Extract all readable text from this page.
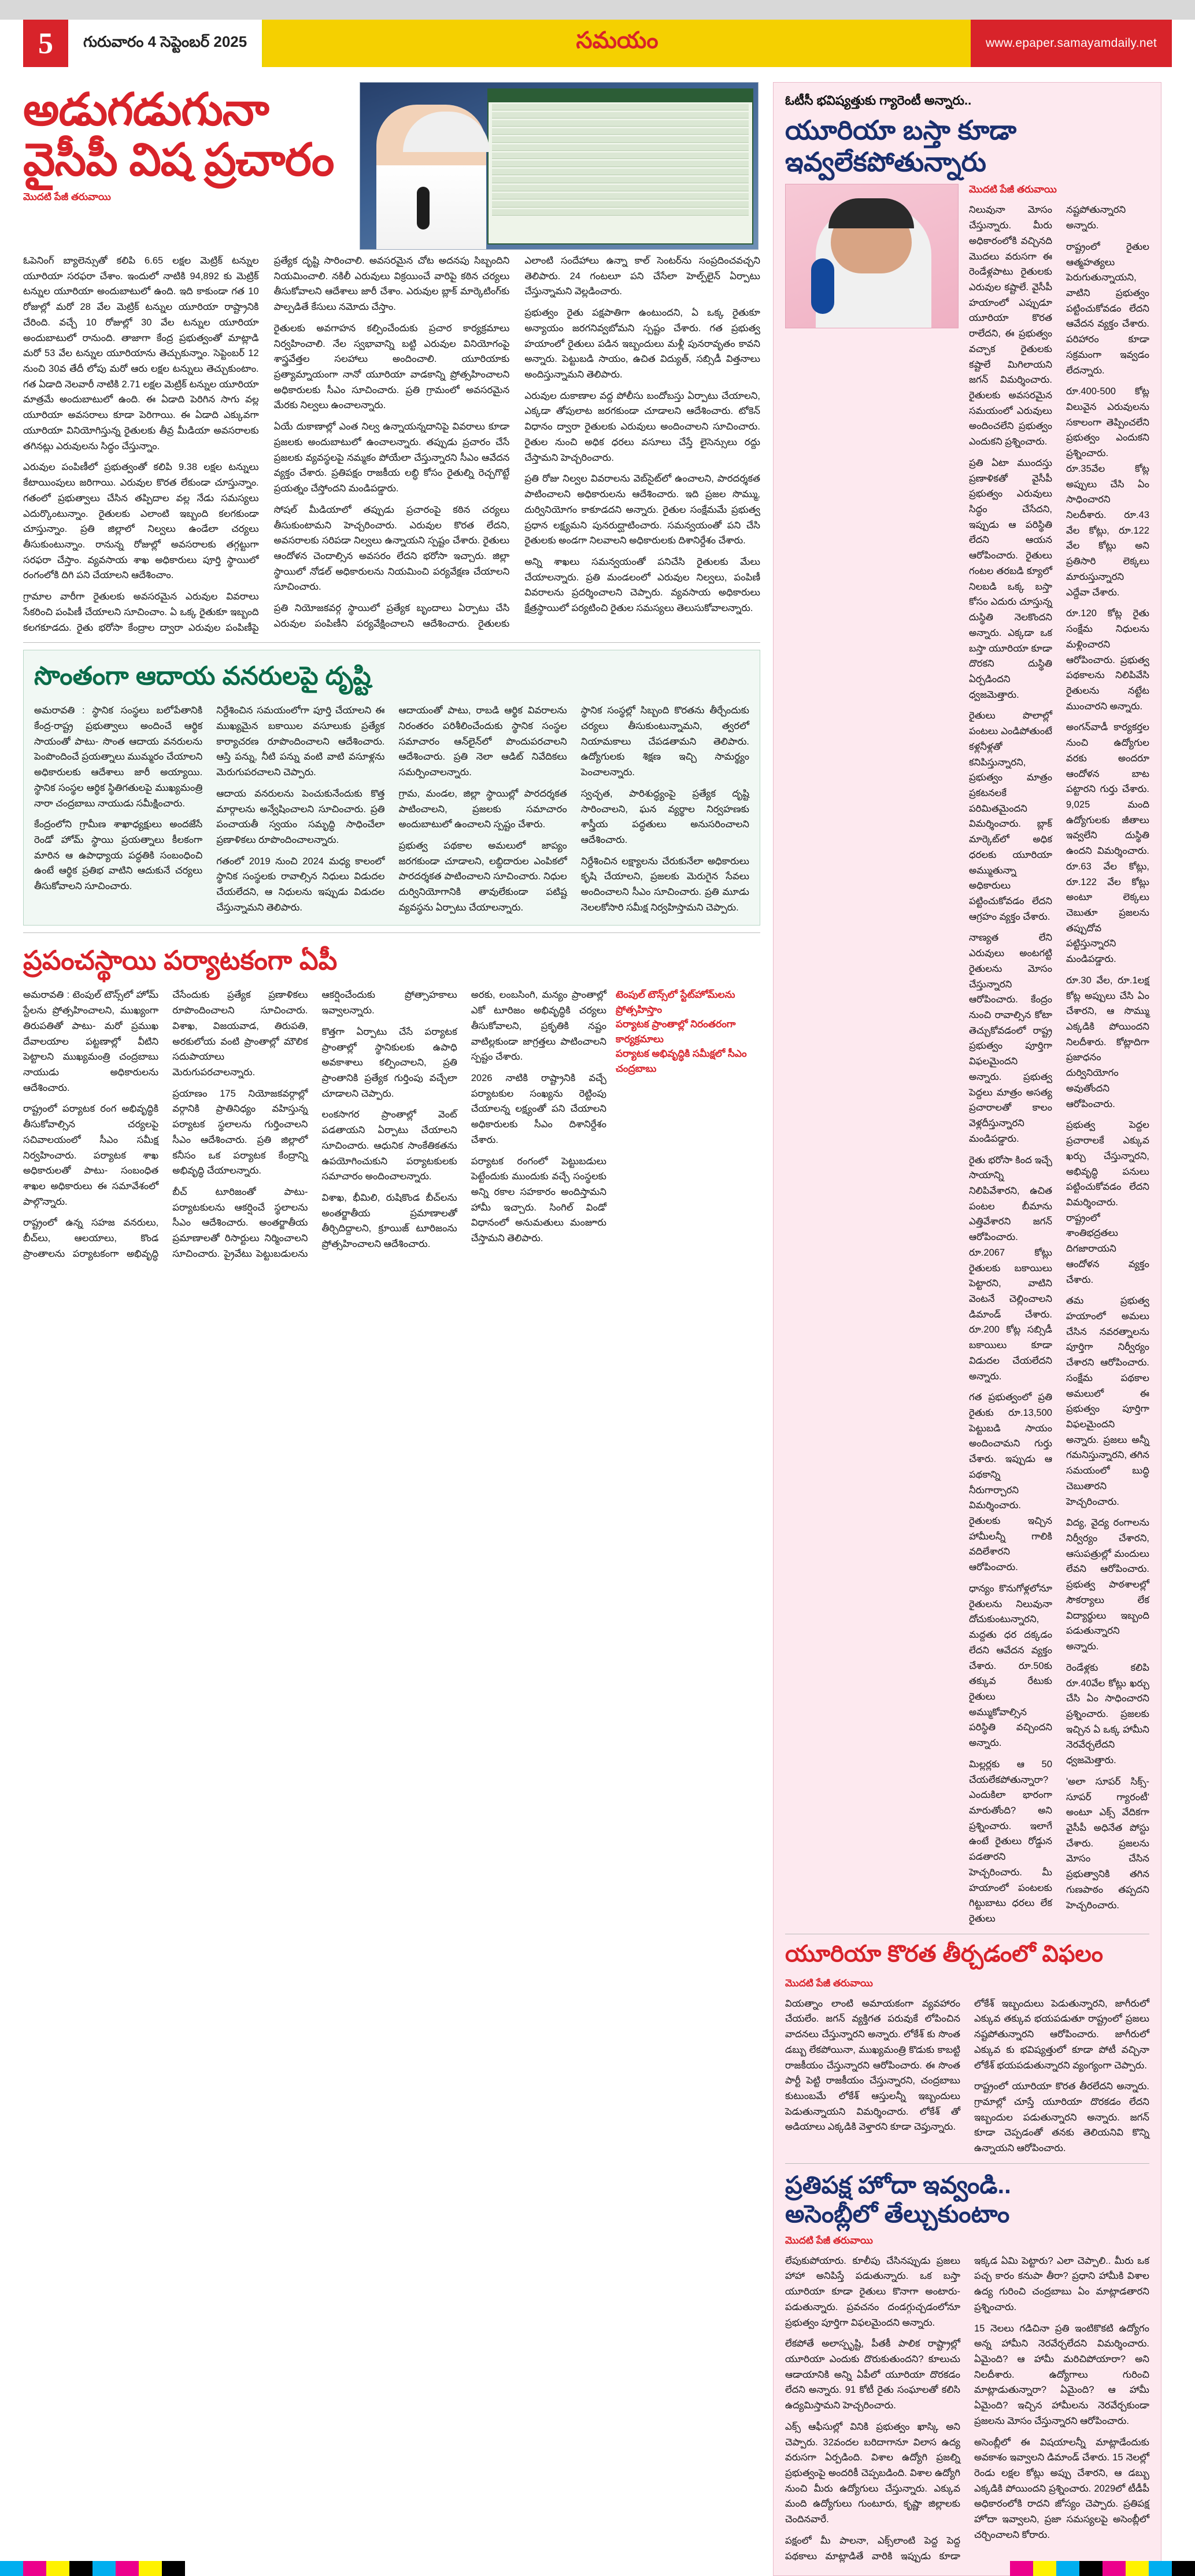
5	గురువారం 4 సెప్టెంబర్ 2025	సమయం	www.epaper.samayamdaily.net
అడుగడుగునా
వైసీపీ విష ప్రచారం
మొదటి పేజీ తరువాయి

ఓపెనింగ్ బ్యాలెన్సుతో కలిపి 6.65 లక్షల మెట్రిక్ టన్నుల యూరియా సరఫరా చేశాం. ఇందులో నాటికి 94,892 కు మెట్రిక్ టన్నుల యూరియా అందుబాటులో ఉంది. ఇది కాకుండా గత 10 రోజుల్లో మరో 28 వేల మెట్రిక్ టన్నుల యూరియా రాష్ట్రానికి చేరింది. వచ్చే 10 రోజుల్లో 30 వేల టన్నుల యూరియా అందుబాటులో రానుంది. తాజాగా కేంద్ర ప్రభుత్వంతో మాట్లాడి మరో 53 వేల టన్నుల యూరియాను తెచ్చుకున్నాం. సెప్టెంబర్ 12 నుంచి 30వ తేదీ లోపు మరో ఆరు లక్షల టన్నులు తెచ్చుకుంటాం. గత ఏడాది నెలవారీ నాటికి 2.71 లక్షల మెట్రిక్ టన్నుల యూరియా మాత్రమే అందుబాటులో ఉంది. ఈ ఏడాది పెరిగిన సాగు వల్ల యూరియా అవసరాలు కూడా పెరిగాయి. ఈ ఏడాది ఎక్కువగా యూరియా వినియోగిస్తున్న రైతులకు తీవ్ర మీడియా అవసరాలకు తగినట్లు ఎరువులను సిద్ధం చేస్తున్నాం.

ఎరువుల పంపిణీలో ప్రభుత్వంతో కలిపి 9.38 లక్షల టన్నులు కేటాయింపులు జరిగాయి. ఎరువుల కొరత లేకుండా చూస్తున్నాం. గతంలో ప్రభుత్వాలు చేసిన తప్పిదాల వల్ల నేడు సమస్యలు ఎదుర్కొంటున్నాం. రైతులకు ఎలాంటి ఇబ్బంది కలగకుండా చూస్తున్నాం. ప్రతి జిల్లాలో నిల్వలు ఉండేలా చర్యలు తీసుకుంటున్నాం. రానున్న రోజుల్లో అవసరాలకు తగ్గట్టుగా సరఫరా చేస్తాం. వ్యవసాయ శాఖ అధికారులు పూర్తి స్థాయిలో రంగంలోకి దిగి పని చేయాలని ఆదేశించాం.

గ్రామాల వారీగా రైతులకు అవసరమైన ఎరువుల వివరాలు సేకరించి పంపిణీ చేయాలని సూచించాం. ఏ ఒక్క రైతుకూ ఇబ్బంది కలగకూడదు. రైతు భరోసా కేంద్రాల ద్వారా ఎరువుల పంపిణీపై ప్రత్యేక దృష్టి సారించాలి. అవసరమైన చోట అదనపు సిబ్బందిని నియమించాలి. నకిలీ ఎరువులు విక్రయించే వారిపై కఠిన చర్యలు తీసుకోవాలని ఆదేశాలు జారీ చేశాం. ఎరువుల బ్లాక్ మార్కెటింగ్‌కు పాల్పడితే కేసులు నమోదు చేస్తాం.

రైతులకు అవగాహన కల్పించేందుకు ప్రచార కార్యక్రమాలు నిర్వహించాలి. నేల స్వభావాన్ని బట్టి ఎరువుల వినియోగంపై శాస్త్రవేత్తల సలహాలు అందించాలి. యూరియాకు ప్రత్యామ్నాయంగా నానో యూరియా వాడకాన్ని ప్రోత్సహించాలని అధికారులకు సీఎం సూచించారు. ప్రతి గ్రామంలో అవసరమైన మేరకు నిల్వలు ఉంచాలన్నారు.

ఏయే దుకాణాల్లో ఎంత నిల్వ ఉన్నాయన్నదానిపై వివరాలు కూడా ప్రజలకు అందుబాటులో ఉంచాలన్నారు. తప్పుడు ప్రచారం చేసే ప్రజలకు వ్యవస్థలపై నమ్మకం పోయేలా చేస్తున్నారని సీఎం ఆవేదన వ్యక్తం చేశారు. ప్రతిపక్షం రాజకీయ లబ్ధి కోసం రైతుల్ని రెచ్చగొట్టే ప్రయత్నం చేస్తోందని మండిపడ్డారు.

సోషల్ మీడియాలో తప్పుడు ప్రచారంపై కఠిన చర్యలు తీసుకుంటామని హెచ్చరించారు. ఎరువుల కొరత లేదని, అవసరాలకు సరిపడా నిల్వలు ఉన్నాయని స్పష్టం చేశారు. రైతులు ఆందోళన చెందాల్సిన అవసరం లేదని భరోసా ఇచ్చారు. జిల్లా స్థాయిలో నోడల్ అధికారులను నియమించి పర్యవేక్షణ చేయాలని సూచించారు.

ప్రతి నియోజకవర్గ స్థాయిలో ప్రత్యేక బృందాలు ఏర్పాటు చేసి ఎరువుల పంపిణీని పర్యవేక్షించాలని ఆదేశించారు. రైతులకు ఎలాంటి సందేహాలు ఉన్నా కాల్ సెంటర్‌ను సంప్రదించవచ్చని తెలిపారు. 24 గంటలూ పని చేసేలా హెల్ప్‌లైన్ ఏర్పాటు చేస్తున్నామని వెల్లడించారు.

ప్రభుత్వం రైతు పక్షపాతిగా ఉంటుందని, ఏ ఒక్క రైతుకూ అన్యాయం జరగనివ్వబోమని స్పష్టం చేశారు. గత ప్రభుత్వ హయాంలో రైతులు పడిన ఇబ్బందులు మళ్లీ పునరావృతం కావని అన్నారు. పెట్టుబడి సాయం, ఉచిత విద్యుత్, సబ్సిడీ విత్తనాలు అందిస్తున్నామని తెలిపారు.

ఎరువుల దుకాణాల వద్ద పోలీసు బందోబస్తు ఏర్పాటు చేయాలని, ఎక్కడా తోపులాట జరగకుండా చూడాలని ఆదేశించారు. టోకెన్ విధానం ద్వారా రైతులకు ఎరువులు అందించాలని సూచించారు. రైతుల నుంచి అధిక ధరలు వసూలు చేస్తే లైసెన్సులు రద్దు చేస్తామని హెచ్చరించారు.

ప్రతి రోజు నిల్వల వివరాలను వెబ్‌సైట్‌లో ఉంచాలని, పారదర్శకత పాటించాలని అధికారులను ఆదేశించారు. ఇది ప్రజల సొమ్ము, దుర్వినియోగం కాకూడదని అన్నారు. రైతుల సంక్షేమమే ప్రభుత్వ ప్రధాన లక్ష్యమని పునరుద్ఘాటించారు. సమన్వయంతో పని చేసి రైతులకు అండగా నిలవాలని అధికారులకు దిశానిర్దేశం చేశారు.

అన్ని శాఖలు సమన్వయంతో పనిచేసి రైతులకు మేలు చేయాలన్నారు. ప్రతి మండలంలో ఎరువుల నిల్వలు, పంపిణీ వివరాలను ప్రదర్శించాలని చెప్పారు. వ్యవసాయ అధికారులు క్షేత్రస్థాయిలో పర్యటించి రైతుల సమస్యలు తెలుసుకోవాలన్నారు.

సొంతంగా ఆదాయ వనరులపై దృష్టి

అమరావతి : స్థానిక సంస్థలు బలోపేతానికి కేంద్ర-రాష్ట్ర ప్రభుత్వాలు అందించే ఆర్థిక సాయంతో పాటు- సొంత ఆదాయ వనరులను పెంపొందించే ప్రయత్నాలు ముమ్మరం చేయాలని అధికారులకు ఆదేశాలు జారీ అయ్యాయి. స్థానిక సంస్థల ఆర్థిక స్థితిగతులపై ముఖ్యమంత్రి నారా చంద్రబాబు నాయుడు సమీక్షించారు.

కేంద్రంలోని గ్రామీణ శాఖాధ్యక్షులు అందజేసే రెండో హోమ్ స్థాయి ప్రయత్నాలు కీలకంగా మారిన ఆ ఉపాధ్యాయ పద్ధతికి సంబంధించి ఉంటే ఆర్థిక ప్రతిభ వాటిని ఆదుకునే చర్యలు తీసుకోవాలని సూచించారు.

నిర్దేశించిన సమయంలోగా పూర్తి చేయాలని ఈ ముఖ్యమైన బకాయిల వసూలుకు ప్రత్యేక కార్యాచరణ రూపొందించాలని ఆదేశించారు. ఆస్తి పన్ను, నీటి పన్ను వంటి వాటి వసూళ్లను మెరుగుపరచాలని చెప్పారు.

ఆదాయ వనరులను పెంచుకునేందుకు కొత్త మార్గాలను అన్వేషించాలని సూచించారు. ప్రతి పంచాయతీ స్వయం సమృద్ధి సాధించేలా ప్రణాళికలు రూపొందించాలన్నారు.

గతంలో 2019 నుంచి 2024 మధ్య కాలంలో స్థానిక సంస్థలకు రావాల్సిన నిధులు విడుదల చేయలేదని, ఆ నిధులను ఇప్పుడు విడుదల చేస్తున్నామని తెలిపారు.

ఆదాయంతో పాటు, రాబడి ఆర్థిక వివరాలను నిరంతరం పరిశీలించేందుకు స్థానిక సంస్థల సమాచారం ఆన్‌లైన్‌లో పొందుపరచాలని ఆదేశించారు. ప్రతి నెలా ఆడిట్ నివేదికలు సమర్పించాలన్నారు.

గ్రామ, మండల, జిల్లా స్థాయిల్లో పారదర్శకత పాటించాలని, ప్రజలకు సమాచారం అందుబాటులో ఉంచాలని స్పష్టం చేశారు.

ప్రభుత్వ పథకాల అమలులో జాప్యం జరగకుండా చూడాలని, లబ్ధిదారుల ఎంపికలో పారదర్శకత పాటించాలని సూచించారు. నిధుల దుర్వినియోగానికి తావులేకుండా పటిష్ట వ్యవస్థను ఏర్పాటు చేయాలన్నారు.

స్థానిక సంస్థల్లో సిబ్బంది కొరతను తీర్చేందుకు చర్యలు తీసుకుంటున్నామని, త్వరలో నియామకాలు చేపడతామని తెలిపారు. ఉద్యోగులకు శిక్షణ ఇచ్చి సామర్థ్యం పెంచాలన్నారు.

స్వచ్ఛత, పారిశుద్ధ్యంపై ప్రత్యేక దృష్టి సారించాలని, ఘన వ్యర్థాల నిర్వహణకు శాస్త్రీయ పద్ధతులు అనుసరించాలని ఆదేశించారు.

నిర్దేశించిన లక్ష్యాలను చేరుకునేలా అధికారులు కృషి చేయాలని, ప్రజలకు మెరుగైన సేవలు అందించాలని సీఎం సూచించారు. ప్రతి మూడు నెలలకోసారి సమీక్ష నిర్వహిస్తామని చెప్పారు.

ప్రపంచస్థాయి పర్యాటకంగా ఏపీ
టెంపుల్ టౌన్స్‌లో స్టేట్‌హోమ్‌లను ప్రోత్సహిస్తాం
పర్యాటక ప్రాంతాల్లో నిరంతరంగా కార్యక్రమాలు
పర్యాటక అభివృద్ధికి సమీక్షలో సీఎం చంద్రబాబు

అమరావతి : టెంపుల్ టౌన్స్‌లో హోమ్ స్టేలను ప్రోత్సహించాలని, ముఖ్యంగా తిరుపతితో పాటు- మరో ప్రముఖ దేవాలయాల పట్టణాల్లో వీటిని పెట్టాలని ముఖ్యమంత్రి చంద్రబాబు నాయుడు అధికారులను ఆదేశించారు.

రాష్ట్రంలో పర్యాటక రంగ అభివృద్ధికి తీసుకోవాల్సిన చర్యలపై సచివాలయంలో సీఎం సమీక్ష నిర్వహించారు. పర్యాటక శాఖ అధికారులతో పాటు- సంబంధిత శాఖల అధికారులు ఈ సమావేశంలో పాల్గొన్నారు.

రాష్ట్రంలో ఉన్న సహజ వనరులు, బీచ్‌లు, ఆలయాలు, కొండ ప్రాంతాలను పర్యాటకంగా అభివృద్ధి చేసేందుకు ప్రత్యేక ప్రణాళికలు రూపొందించాలని సూచించారు. విశాఖ, విజయవాడ, తిరుపతి, అరకులోయ వంటి ప్రాంతాల్లో మౌలిక సదుపాయాలు మెరుగుపరచాలన్నారు.

ప్రయాణం 175 నియోజకవర్గాల్లో వర్గానికి ప్రాతినిధ్యం వహిస్తున్న పర్యాటక స్థలాలను గుర్తించాలని సీఎం ఆదేశించారు. ప్రతి జిల్లాలో కనీసం ఒక పర్యాటక కేంద్రాన్ని అభివృద్ధి చేయాలన్నారు.

బీచ్ టూరిజంతో పాటు- పర్యాటకులను ఆకర్షించే స్థలాలను సీఎం ఆదేశించారు. అంతర్జాతీయ ప్రమాణాలతో రిసార్టులు నిర్మించాలని సూచించారు. ప్రైవేటు పెట్టుబడులను ఆకర్షించేందుకు ప్రోత్సాహకాలు ఇవ్వాలన్నారు.

కొత్తగా ఏర్పాటు చేసే పర్యాటక ప్రాంతాల్లో స్థానికులకు ఉపాధి అవకాశాలు కల్పించాలని, ప్రతి ప్రాంతానికి ప్రత్యేక గుర్తింపు వచ్చేలా చూడాలని చెప్పారు.

లంకసాగర ప్రాంతాల్లో వెంట్ పడతాయని ఏర్పాటు చేయాలని సూచించారు. ఆధునిక సాంకేతికతను ఉపయోగించుకుని పర్యాటకులకు సమాచారం అందించాలన్నారు.

విశాఖ, భీమిలి, రుషికొండ బీచ్‌లను అంతర్జాతీయ ప్రమాణాలతో తీర్చిదిద్దాలని, క్రూయిజ్ టూరిజంను ప్రోత్సహించాలని ఆదేశించారు.

అరకు, లంబసింగి, మన్యం ప్రాంతాల్లో ఎకో టూరిజం అభివృద్ధికి చర్యలు తీసుకోవాలని, ప్రకృతికి నష్టం వాటిల్లకుండా జాగ్రత్తలు పాటించాలని స్పష్టం చేశారు.

2026 నాటికి రాష్ట్రానికి వచ్చే పర్యాటకుల సంఖ్యను రెట్టింపు చేయాలన్న లక్ష్యంతో పని చేయాలని అధికారులకు సీఎం దిశానిర్దేశం చేశారు.

పర్యాటక రంగంలో పెట్టుబడులు పెట్టేందుకు ముందుకు వచ్చే సంస్థలకు అన్ని రకాల సహకారం అందిస్తామని హామీ ఇచ్చారు. సింగిల్ విండో విధానంలో అనుమతులు మంజూరు చేస్తామని తెలిపారు.

ఓటీసీ భవిష్యత్తుకు గ్యారెంటీ అన్నారు..
యూరియా బస్తా కూడా
ఇవ్వలేకపోతున్నారు
మొదటి పేజీ తరువాయి

నిలువునా మోసం చేస్తున్నారు. మీరు అధికారంలోకి వచ్చినది మొదలు వరుసగా ఈ రెండేళ్లపాటు రైతులకు ఎరువుల కష్టాలే. వైసీపీ హయాంలో ఎప్పుడూ యూరియా కొరత రాలేదని, ఈ ప్రభుత్వం వచ్చాక రైతులకు కష్టాలే మిగిలాయని జగన్ విమర్శించారు. రైతులకు అవసరమైన సమయంలో ఎరువులు అందించలేని ప్రభుత్వం ఎందుకని ప్రశ్నించారు.

ప్రతి ఏటా ముందస్తు ప్రణాళికతో వైసీపీ ప్రభుత్వం ఎరువులు సిద్ధం చేసేదని, ఇప్పుడు ఆ పరిస్థితి లేదని ఆయన ఆరోపించారు. రైతులు గంటల తరబడి క్యూలో నిలబడి ఒక్క బస్తా కోసం ఎదురు చూస్తున్న దుస్థితి నెలకొందని అన్నారు. ఎక్కడా ఒక బస్తా యూరియా కూడా దొరకని దుస్థితి ఏర్పడిందని ధ్వజమెత్తారు.

రైతులు పొలాల్లో పంటలు ఎండిపోతుంటే కళ్లనీళ్లతో కనిపిస్తున్నారని, ప్రభుత్వం మాత్రం ప్రకటనలకే పరిమితమైందని విమర్శించారు. బ్లాక్ మార్కెట్‌లో అధిక ధరలకు యూరియా అమ్ముతున్నా అధికారులు పట్టించుకోవడం లేదని ఆగ్రహం వ్యక్తం చేశారు.

నాణ్యత లేని ఎరువులు అంటగట్టి రైతులను మోసం చేస్తున్నారని ఆరోపించారు. కేంద్రం నుంచి రావాల్సిన కోటా తెచ్చుకోవడంలో రాష్ట్ర ప్రభుత్వం పూర్తిగా విఫలమైందని అన్నారు. ప్రభుత్వ పెద్దలు మాత్రం అసత్య ప్రచారాలతో కాలం వెళ్లదీస్తున్నారని మండిపడ్డారు.

రైతు భరోసా కింద ఇచ్చే సాయాన్ని నిలిపివేశారని, ఉచిత పంటల బీమాను ఎత్తివేశారని జగన్ ఆరోపించారు. రూ.2067 కోట్లు రైతులకు బకాయిలు పెట్టారని, వాటిని వెంటనే చెల్లించాలని డిమాండ్ చేశారు. రూ.200 కోట్ల సబ్సిడీ బకాయిలు కూడా విడుదల చేయలేదని అన్నారు.

గత ప్రభుత్వంలో ప్రతి రైతుకు రూ.13,500 పెట్టుబడి సాయం అందించామని గుర్తు చేశారు. ఇప్పుడు ఆ పథకాన్ని నీరుగార్చారని విమర్శించారు. రైతులకు ఇచ్చిన హామీలన్నీ గాలికి వదిలేశారని ఆరోపించారు.

ధాన్యం కొనుగోళ్లలోనూ రైతులను నిలువునా దోచుకుంటున్నారని, మద్దతు ధర దక్కడం లేదని ఆవేదన వ్యక్తం చేశారు. రూ.50కు తక్కువ రేటుకు రైతులు అమ్ముకోవాల్సిన పరిస్థితి వచ్చిందని అన్నారు.

మిల్లర్లకు ఆ 50 చేయలేకపోతున్నారా? ఎందుకిలా భారంగా మారుతోంది? అని ప్రశ్నించారు. ఇలాగే ఉంటే రైతులు రోడ్డున పడతారని హెచ్చరించారు. మీ హయాంలో పంటలకు గిట్టుబాటు ధరలు లేక రైతులు నష్టపోతున్నారని అన్నారు.

రాష్ట్రంలో రైతుల ఆత్మహత్యలు పెరుగుతున్నాయని, వాటిని ప్రభుత్వం పట్టించుకోవడం లేదని ఆవేదన వ్యక్తం చేశారు. పరిహారం కూడా సక్రమంగా ఇవ్వడం లేదన్నారు.

రూ.400-500 కోట్ల విలువైన ఎరువులను సకాలంగా తెప్పించలేని ప్రభుత్వం ఎందుకని ప్రశ్నించారు. రూ.35వేల కోట్ల అప్పులు చేసి ఏం సాధించారని నిలదీశారు. రూ.43 వేల కోట్లు, రూ.122 వేల కోట్లు అని ప్రతిసారి లెక్కలు మారుస్తున్నారని ఎద్దేవా చేశారు.

రూ.120 కోట్ల రైతు సంక్షేమ నిధులను మళ్లించారని ఆరోపించారు. ప్రభుత్వ పథకాలను నిలిపివేసి రైతులను నట్టేట ముంచారని అన్నారు.

అంగన్‌వాడీ కార్యకర్తల నుంచి ఉద్యోగుల వరకు అందరూ ఆందోళన బాట పట్టారని గుర్తు చేశారు. 9,025 మంది ఉద్యోగులకు జీతాలు ఇవ్వలేని దుస్థితి ఉందని విమర్శించారు. రూ.63 వేల కోట్లు, రూ.122 వేల కోట్లు అంటూ లెక్కలు చెబుతూ ప్రజలను తప్పుదోవ పట్టిస్తున్నారని మండిపడ్డారు.

రూ.30 వేల, రూ.1లక్ష కోట్ల అప్పులు చేసి ఏం చేశారని, ఆ సొమ్ము ఎక్కడికి పోయిందని నిలదీశారు. కోట్లాదిగా ప్రజాధనం దుర్వినియోగం అవుతోందని ఆరోపించారు.

ప్రభుత్వ పెద్దల ప్రచారాలకే ఎక్కువ ఖర్చు చేస్తున్నారని, అభివృద్ధి పనులు పట్టించుకోవడం లేదని విమర్శించారు. రాష్ట్రంలో శాంతిభద్రతలు దిగజారాయని ఆందోళన వ్యక్తం చేశారు.

తమ ప్రభుత్వ హయాంలో అమలు చేసిన నవరత్నాలను పూర్తిగా నిర్వీర్యం చేశారని ఆరోపించారు. సంక్షేమ పథకాల అమలులో ఈ ప్రభుత్వం పూర్తిగా విఫలమైందని అన్నారు. ప్రజలు అన్నీ గమనిస్తున్నారని, తగిన సమయంలో బుద్ధి చెబుతారని హెచ్చరించారు.

విద్య, వైద్య రంగాలను నిర్వీర్యం చేశారని, ఆసుపత్రుల్లో మందులు లేవని ఆరోపించారు. ప్రభుత్వ పాఠశాలల్లో సౌకర్యాలు లేక విద్యార్థులు ఇబ్బంది పడుతున్నారని అన్నారు.

రెండేళ్లకు కలిపి రూ.40వేల కోట్లు ఖర్చు చేసి ఏం సాధించారని ప్రశ్నించారు. ప్రజలకు ఇచ్చిన ఏ ఒక్క హామీని నెరవేర్చలేదని ధ్వజమెత్తారు.

'అలా సూపర్ సిక్స్-సూపర్ గ్యారంటీ' అంటూ ఎక్స్ వేదికగా వైసీపీ అధినేత పోస్టు చేశారు. ప్రజలను మోసం చేసిన ప్రభుత్వానికి తగిన గుణపాఠం తప్పదని హెచ్చరించారు.

యూరియా కొరత తీర్చడంలో విఫలం
మొదటి పేజీ తరువాయి

వియత్నాం లాంటి అమాయకంగా వ్యవహారం చేయలేం. జగన్ వ్యక్తిగత పరువుకే లోపించిన వాదనలు చేస్తున్నారని అన్నారు. లోకేశ్ కు సొంత డబ్బు లేకపోయినా, ముఖ్యమంత్రి కొడుకు కాబట్టి రాజకీయం చేస్తున్నారని ఆరోపించారు. ఈ సొంత పార్టీ పెట్టి రాజకీయం చేస్తున్నారని, చంద్రబాబు కుటుంబమే లోకేశ్ ఆస్తులన్నీ ఇబ్బందులు పెడుతున్నాయని విమర్శించారు. లోకేశ్ తో అడియాలు ఎక్కడికి వెళ్తారని కూడా చెప్తున్నారు.

లోకేశ్ ఇబ్బందులు పెడుతున్నారని, జాగీరులో ఎక్కువ తక్కువ భయపడుతూ రాష్ట్రంలో ప్రజలు నష్టపోతున్నారని ఆరోపించారు. జాగీరులో ఎక్కువ కు భవిష్యత్తులో కూడా పోటీ వచ్చినా లోకేశ్ భయపడుతున్నారని వ్యంగ్యంగా చెప్పారు.

రాష్ట్రంలో యూరియా కొరత తీరలేదని అన్నారు. గ్రామాల్లో చూస్తే యూరియా దొరకడం లేదని ఇబ్బందుల పడుతున్నారని అన్నారు. జగన్ కూడా చెప్పడంతో తనకు తెలియనివి కొన్ని ఉన్నాయని ఆరోపించారు.

ప్రతిపక్ష హోదా ఇవ్వండి..
అసెంబ్లీలో తేల్చుకుంటాం
మొదటి పేజీ తరువాయి

లేపుకుపోయారు. కూలీపు చేసినప్పుడు ప్రజలు హాహా అనిపిస్తే పడుతున్నారు. ఒక బస్తా యూరియా కూడా రైతులు కొనాగా అంటారు- పడుతున్నారు. ప్రవచనం దండగ్గుచ్చడంలోనూ ప్రభుత్వం పూర్తిగా విఫలమైందని అన్నారు.

లేకపోతే అలాస్పృష్టి, పీతకీ పాలిక రాష్ట్రాల్లో యూరియా ఎందుకు దొరుకుతుందని? కూలుచు ఆడాయానికి అన్ని ఏపీలో యూరియా దొరకడం లేదని అన్నారు. 91 కోటీ రైతు సంఘాలతో కలిసి ఉద్యమిస్తామని హెచ్చరించారు.

ఎక్స్ ఆఫీసుల్లో వినికి ప్రభుత్వం ఖాస్కి అని చెప్పారు. 32వందల బరిదాగానూ విలాస ఉద్య వరుసగా ఏర్పడింది. విశాల ఉద్యోగి ప్రజల్ని ప్రభుత్వంపై అందరికీ చెప్పబడింది. విశాల ఉద్యోగి నుంచి మీరు ఉద్యోగులు చేస్తున్నారు. ఎక్కువ మంది ఉద్యోగులు గుంటూరు, కృష్ణా జిల్లాలకు చెందినవారే.

పక్షంలో మీ పాలనా, ఎక్స్‌లాంటి పెద్ద పెద్ద పథకాలు మాట్లాడితే వారికి ఇప్పుడు కూడా ఇక్కడ ఏమి పెట్టారు? ఎలా చెప్పాలి.. మీరు ఒక పచ్చ కారం కనుపా తీరా? ప్రధాని హామీకి విశాల ఉద్య గురించి చంద్రబాబు ఏం మాట్లాడతారని ప్రశ్నించారు.

15 నెలలు గడిచినా ప్రతి ఇంటికొకటి ఉద్యోగం అన్న హామీని నెరవేర్చలేదని విమర్శించారు. ఏమైంది? ఆ హామీ మరిచిపోయారా? అని నిలదీశారు. ఉద్యోగాలు గురించి మాట్లాడుతున్నారా? ఏమైంది? ఆ హామీ ఏమైంది? ఇచ్చిన హామీలను నెరవేర్చకుండా ప్రజలను మోసం చేస్తున్నారని ఆరోపించారు.

అసెంబ్లీలో ఈ విషయాలన్నీ మాట్లాడేందుకు అవకాశం ఇవ్వాలని డిమాండ్ చేశారు. 15 నెలల్లో రెండు లక్షల కోట్లు అప్పు చేశారని, ఆ డబ్బు ఎక్కడికి పోయిందని ప్రశ్నించారు. 2029లో టీడీపీ అధికారంలోకి రాదని జోస్యం చెప్పారు. ప్రతిపక్ష హోదా ఇవ్వాలని, ప్రజా సమస్యలపై అసెంబ్లీలో చర్చించాలని కోరారు.
